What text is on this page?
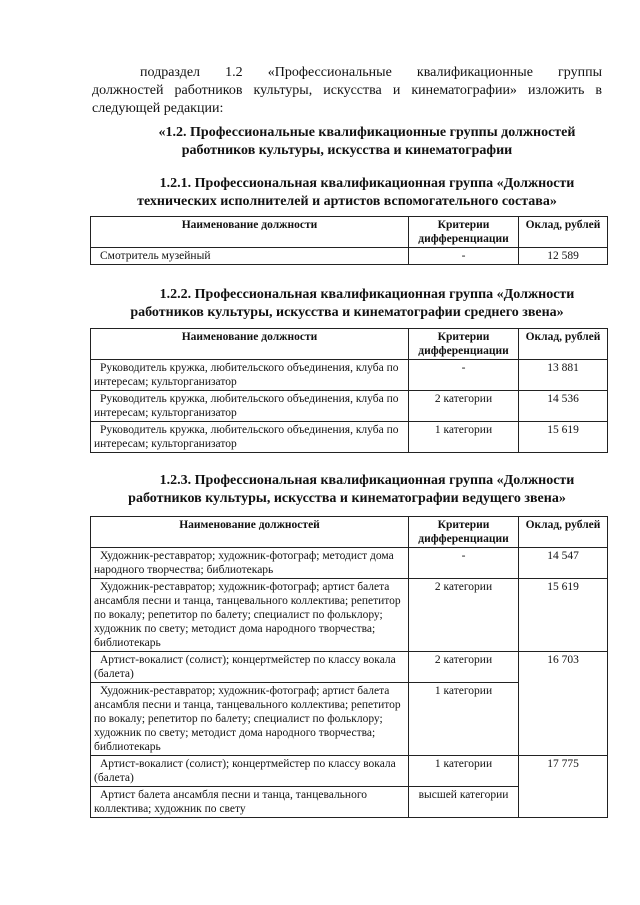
подраздел 1.2 «Профессиональные квалификационные группы
должностей работников культуры, искусства и кинематографии» изложить в
следующей редакции:
«1.2. Профессиональные квалификационные группы должностей
работников культуры, искусства и кинематографии
1.2.1. Профессиональная квалификационная группа «Должности
технических исполнителей и артистов вспомогательного состава»
Наименование должности	Критерии дифференциации	Оклад, рублей
Смотритель музейный	-	12 589
1.2.2. Профессиональная квалификационная группа «Должности
работников культуры, искусства и кинематографии среднего звена»
Наименование должности	Критерии дифференциации	Оклад, рублей
Руководитель кружка, любительского объединения, клуба по интересам; культорганизатор	-	13 881
Руководитель кружка, любительского объединения, клуба по интересам; культорганизатор	2 категории	14 536
Руководитель кружка, любительского объединения, клуба по интересам; культорганизатор	1 категории	15 619
1.2.3. Профессиональная квалификационная группа «Должности
работников культуры, искусства и кинематографии ведущего звена»
Наименование должностей	Критерии дифференциации	Оклад, рублей
Художник-реставратор; художник-фотограф; методист дома народного творчества; библиотекарь	-	14 547
Художник-реставратор; художник-фотограф; артист балета ансамбля песни и танца, танцевального коллектива; репетитор по вокалу; репетитор по балету; специалист по фольклору; художник по свету; методист дома народного творчества; библиотекарь	2 категории	15 619
Артист-вокалист (солист); концертмейстер по классу вокала (балета)	2 категории	16 703
Художник-реставратор; художник-фотограф; артист балета ансамбля песни и танца, танцевального коллектива; репетитор по вокалу; репетитор по балету; специалист по фольклору; художник по свету; методист дома народного творчества; библиотекарь	1 категории	
Артист-вокалист (солист); концертмейстер по классу вокала (балета)	1 категории	17 775
Артист балета ансамбля песни и танца, танцевального коллектива; художник по свету	высшей категории	
